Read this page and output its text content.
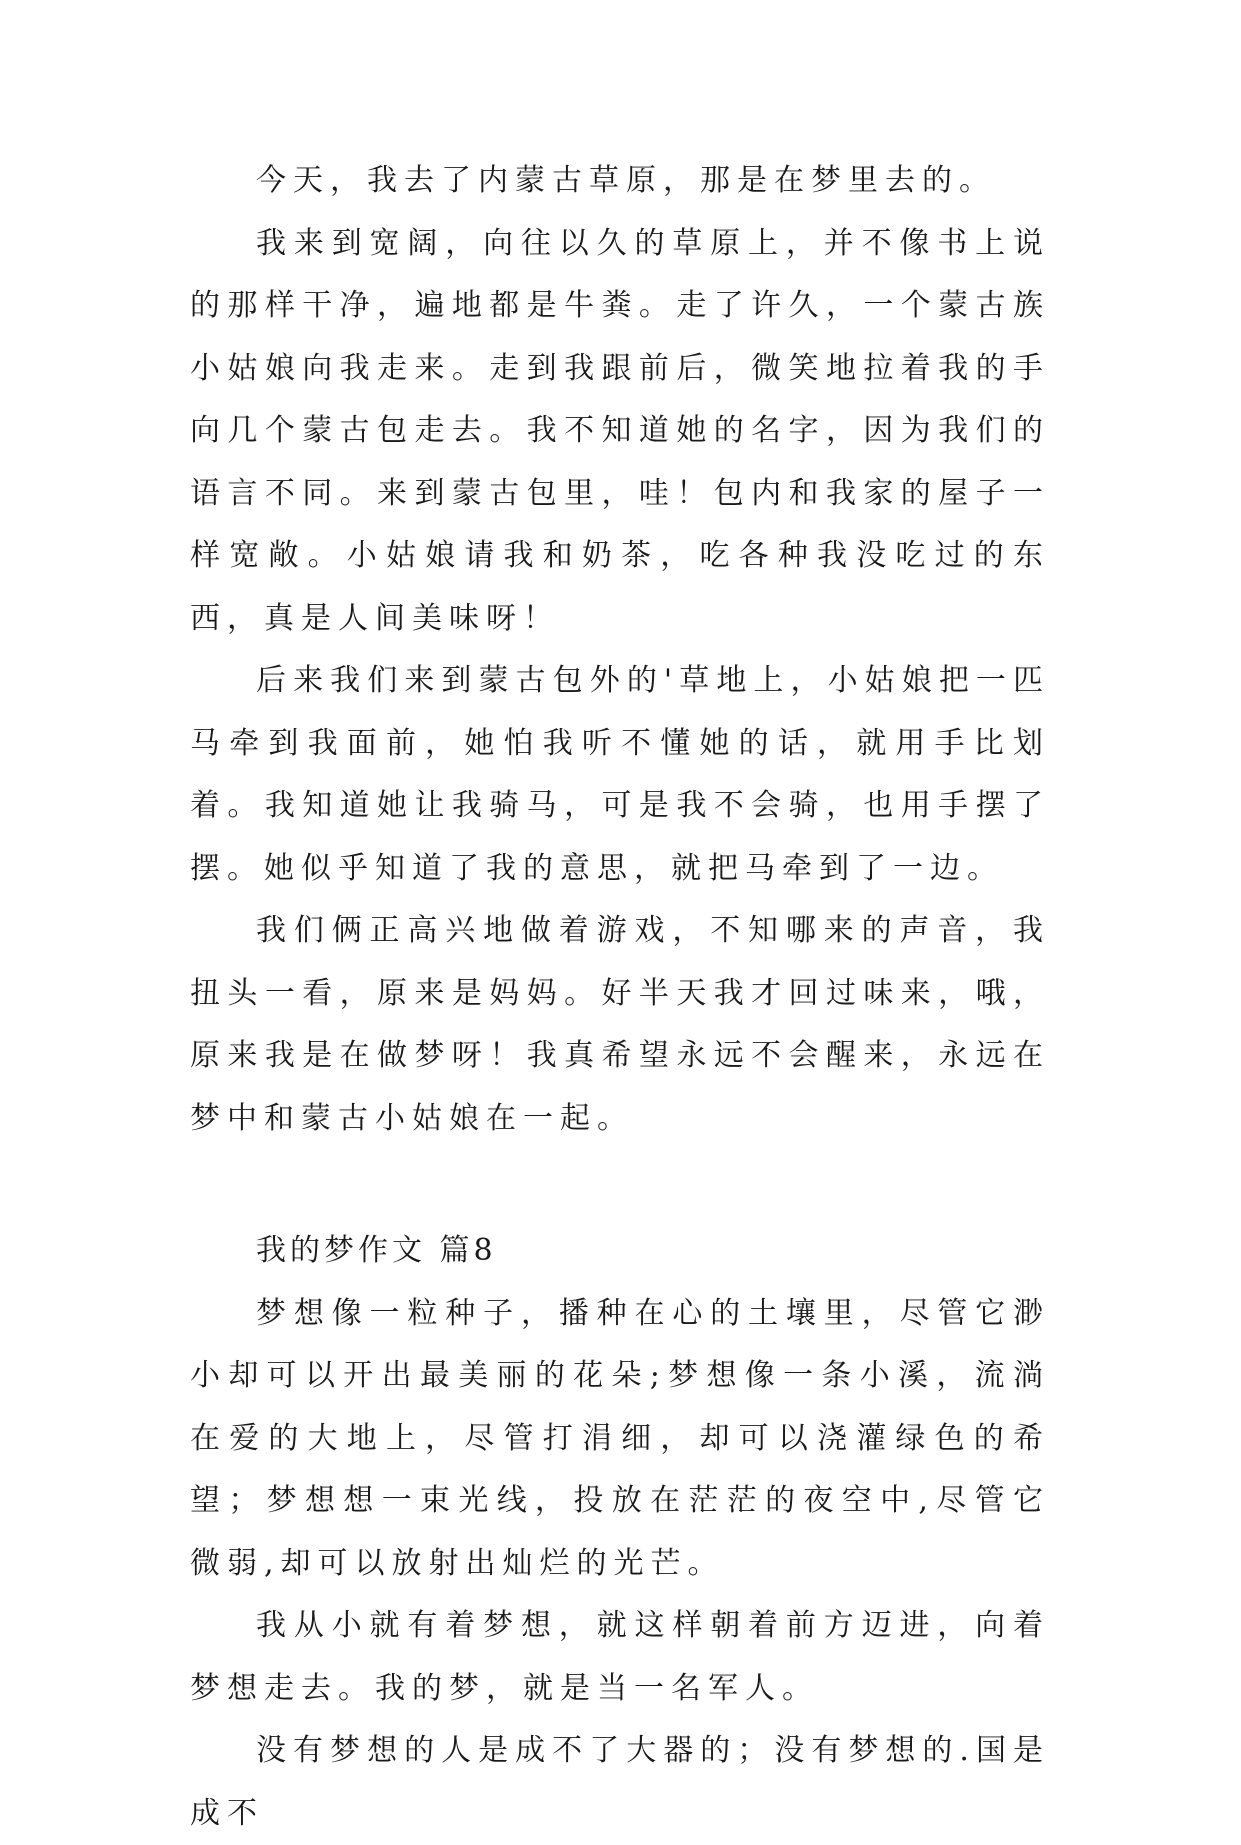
今天，我去了内蒙古草原，那是在梦里去的。

我来到宽阔，向往以久的草原上，并不像书上说的那样干净，遍地都是牛粪。走了许久，一个蒙古族小姑娘向我走来。走到我跟前后，微笑地拉着我的手向几个蒙古包走去。我不知道她的名字，因为我们的语言不同。来到蒙古包里，哇！包内和我家的屋子一样宽敞。小姑娘请我和奶茶，吃各种我没吃过的东西，真是人间美味呀！

后来我们来到蒙古包外的'草地上，小姑娘把一匹马牵到我面前，她怕我听不懂她的话，就用手比划着。我知道她让我骑马，可是我不会骑，也用手摆了摆。她似乎知道了我的意思，就把马牵到了一边。

我们俩正高兴地做着游戏，不知哪来的声音，我扭头一看，原来是妈妈。好半天我才回过味来，哦，原来我是在做梦呀！我真希望永远不会醒来，永远在梦中和蒙古小姑娘在一起。

我的梦作文 篇8

梦想像一粒种子，播种在心的土壤里，尽管它渺小却可以开出最美丽的花朵;梦想像一条小溪，流淌在爱的大地上，尽管打涓细，却可以浇灌绿色的希望；梦想想一束光线，投放在茫茫的夜空中,尽管它微弱,却可以放射出灿烂的光芒。

我从小就有着梦想，就这样朝着前方迈进，向着梦想走去。我的梦，就是当一名军人。

没有梦想的人是成不了大器的；没有梦想的.国是成不
